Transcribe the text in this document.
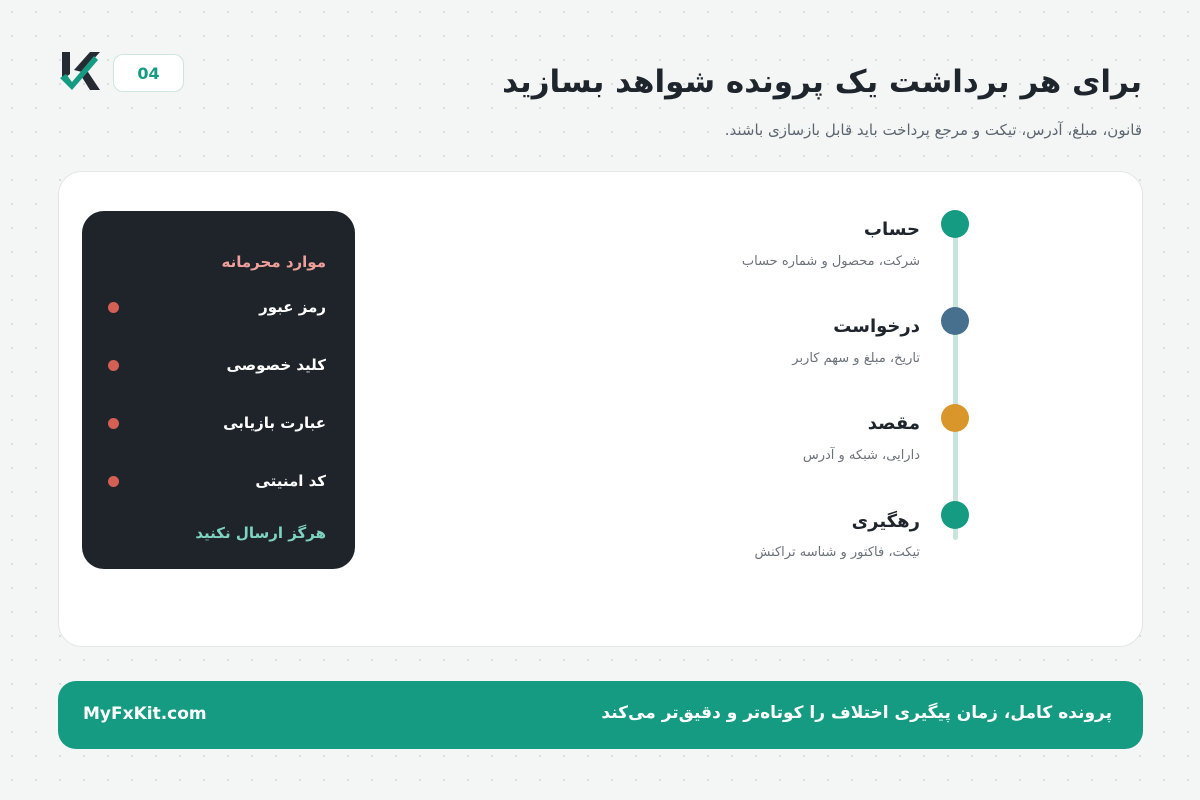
04	برای هر برداشت یک پرونده شواهد بسازید
قانون، مبلغ، آدرس، تیکت و مرجع پرداخت باید قابل بازسازی باشند.
حساب
شرکت، محصول و شماره حساب
درخواست
تاریخ، مبلغ و سهم کاربر
مقصد
دارایی، شبکه و آدرس
رهگیری
تیکت، فاکتور و شناسه تراکنش
موارد محرمانه
رمز عبور
کلید خصوصی
عبارت بازیابی
کد امنیتی
هرگز ارسال نکنید
پرونده کامل، زمان پیگیری اختلاف را کوتاه‌تر و دقیق‌تر می‌کند
MyFxKit.com
